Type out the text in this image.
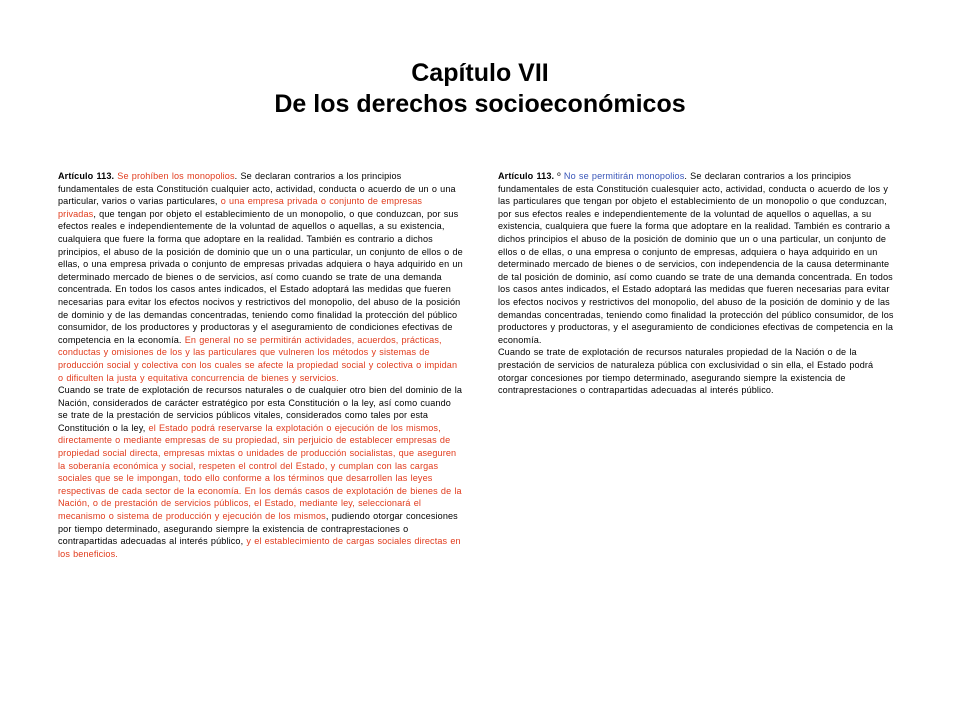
Capítulo VII
De los derechos socioeconómicos

Artículo 113. Se prohíben los monopolios. Se declaran contrarios a los principios fundamentales de esta Constitución cualquier acto, actividad, conducta o acuerdo de un o una particular, varios o varias particulares, o una empresa privada o conjunto de empresas privadas, que tengan por objeto el establecimiento de un monopolio, o que conduzcan, por sus efectos reales e independientemente de la voluntad de aquellos o aquellas, a su existencia, cualquiera que fuere la forma que adoptare en la realidad. También es contrario a dichos principios, el abuso de la posición de dominio que un o una particular, un conjunto de ellos o de ellas, o una empresa privada o conjunto de empresas privadas adquiera o haya adquirido en un determinado mercado de bienes o de servicios, así como cuando se trate de una demanda concentrada. En todos los casos antes indicados, el Estado adoptará las medidas que fueren necesarias para evitar los efectos nocivos y restrictivos del monopolio, del abuso de la posición de dominio y de las demandas concentradas, teniendo como finalidad la protección del público consumidor, de los productores y productoras y el aseguramiento de condiciones efectivas de competencia en la economía. En general no se permitirán actividades, acuerdos, prácticas, conductas y omisiones de los y las particulares que vulneren los métodos y sistemas de producción social y colectiva con los cuales se afecte la propiedad social y colectiva o impidan o dificulten la justa y equitativa concurrencia de bienes y servicios.

Cuando se trate de explotación de recursos naturales o de cualquier otro bien del dominio de la Nación, considerados de carácter estratégico por esta Constitución o la ley, así como cuando se trate de la prestación de servicios públicos vitales, considerados como tales por esta Constitución o la ley, el Estado podrá reservarse la explotación o ejecución de los mismos, directamente o mediante empresas de su propiedad, sin perjuicio de establecer empresas de propiedad social directa, empresas mixtas o unidades de producción socialistas, que aseguren la soberanía económica y social, respeten el control del Estado, y cumplan con las cargas sociales que se le impongan, todo ello conforme a los términos que desarrollen las leyes respectivas de cada sector de la economía. En los demás casos de explotación de bienes de la Nación, o de prestación de servicios públicos, el Estado, mediante ley, seleccionará el mecanismo o sistema de producción y ejecución de los mismos, pudiendo otorgar concesiones por tiempo determinado, asegurando siempre la existencia de contraprestaciones o contrapartidas adecuadas al interés público, y el establecimiento de cargas sociales directas en los beneficios.

Artículo 113. º No se permitirán monopolios. Se declaran contrarios a los principios fundamentales de esta Constitución cualesquier acto, actividad, conducta o acuerdo de los y las particulares que tengan por objeto el establecimiento de un monopolio o que conduzcan, por sus efectos reales e independientemente de la voluntad de aquellos o aquellas, a su existencia, cualquiera que fuere la forma que adoptare en la realidad. También es contrario a dichos principios el abuso de la posición de dominio que un o una particular, un conjunto de ellos o de ellas, o una empresa o conjunto de empresas, adquiera o haya adquirido en un determinado mercado de bienes o de servicios, con independencia de la causa determinante de tal posición de dominio, así como cuando se trate de una demanda concentrada. En todos los casos antes indicados, el Estado adoptará las medidas que fueren necesarias para evitar los efectos nocivos y restrictivos del monopolio, del abuso de la posición de dominio y de las demandas concentradas, teniendo como finalidad la protección del público consumidor, de los productores y productoras, y el aseguramiento de condiciones efectivas de competencia en la economía.

Cuando se trate de explotación de recursos naturales propiedad de la Nación o de la prestación de servicios de naturaleza pública con exclusividad o sin ella, el Estado podrá otorgar concesiones por tiempo determinado, asegurando siempre la existencia de contraprestaciones o contrapartidas adecuadas al interés público.
